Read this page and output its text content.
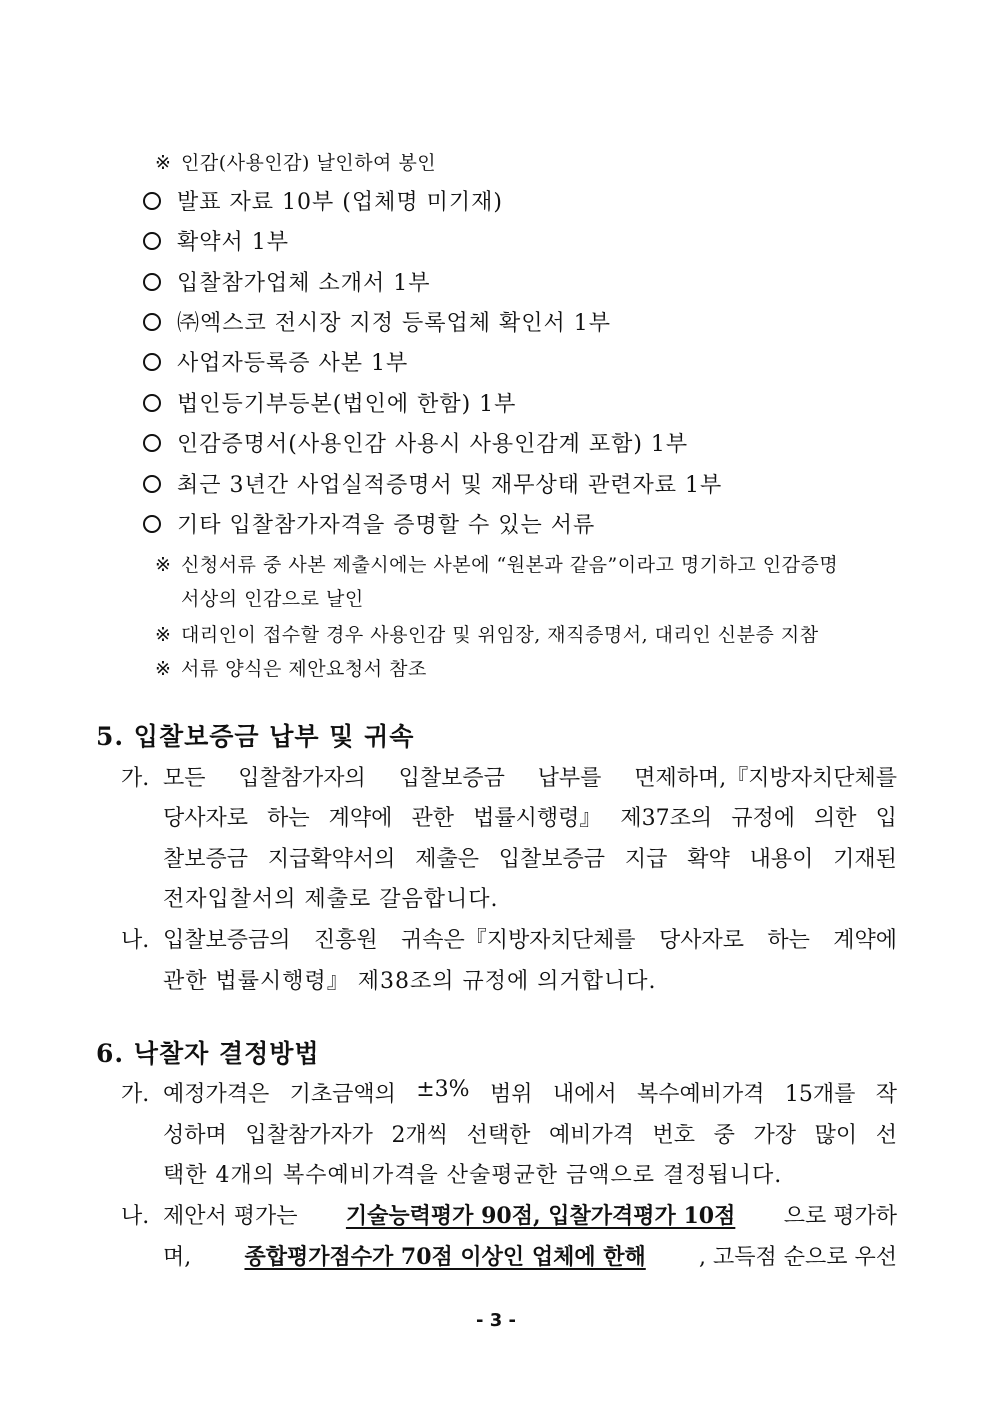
※ 인감(사용인감) 날인하여 봉인
발표 자료 10부 (업체명 미기재)
확약서 1부
입찰참가업체 소개서 1부
㈜엑스코 전시장 지정 등록업체 확인서 1부
사업자등록증 사본 1부
법인등기부등본(법인에 한함) 1부
인감증명서(사용인감 사용시 사용인감계 포함) 1부
최근 3년간 사업실적증명서 및 재무상태 관련자료 1부
기타 입찰참가자격을 증명할 수 있는 서류
※ 신청서류 중 사본 제출시에는 사본에 “원본과 같음”이라고 명기하고 인감증명
서상의 인감으로 날인
※ 대리인이 접수할 경우 사용인감 및 위임장, 재직증명서, 대리인 신분증 지참
※ 서류 양식은 제안요청서 참조
5. 입찰보증금 납부 및 귀속
가. 모든 입찰참가자의 입찰보증금 납부를 면제하며,『지방자치단체를
당사자로 하는 계약에 관한 법률시행령』 제37조의 규정에 의한 입
찰보증금 지급확약서의 제출은 입찰보증금 지급 확약 내용이 기재된
전자입찰서의 제출로 갈음합니다.
나. 입찰보증금의 진흥원 귀속은『지방자치단체를 당사자로 하는 계약에
관한 법률시행령』 제38조의 규정에 의거합니다.
6. 낙찰자 결정방법
가. 예정가격은 기초금액의 ±3% 범위 내에서 복수예비가격 15개를 작
성하며 입찰참가자가 2개씩 선택한 예비가격 번호 중 가장 많이 선
택한 4개의 복수예비가격을 산술평균한 금액으로 결정됩니다.
나. 제안서 평가는 기술능력평가 90점, 입찰가격평가 10점 으로 평가하
며, 종합평가점수가 70점 이상인 업체에 한해 , 고득점 순으로 우선
- 3 -
